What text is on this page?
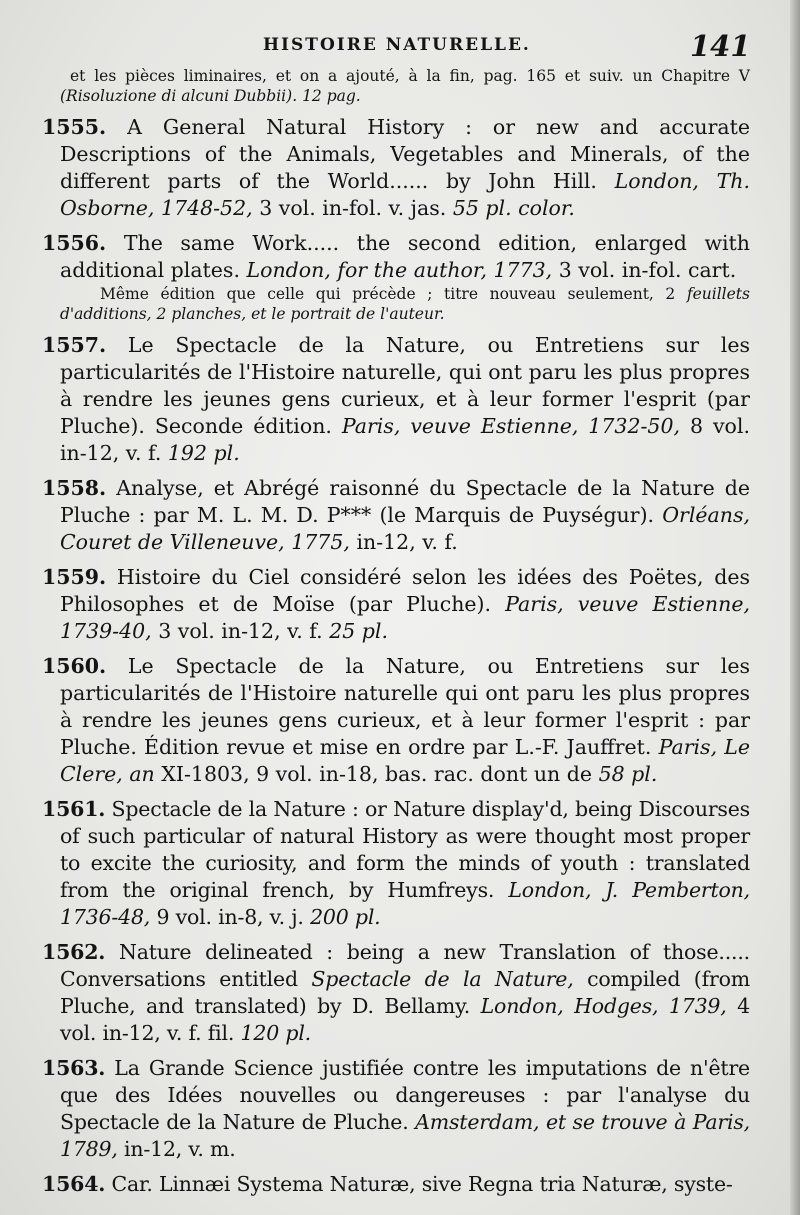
HISTOIRE NATURELLE.	141
et les pièces liminaires, et on a ajouté, à la fin, pag. 165 et suiv. un Chapitre V (Risoluzione di alcuni Dubbii). 12 pag.
1555. A General Natural History : or new and accurate Descriptions of the Animals, Vegetables and Minerals, of the different parts of the World...... by John Hill. London, Th. Osborne, 1748-52, 3 vol. in-fol. v. jas. 55 pl. color.
1556. The same Work..... the second edition, enlarged with additional plates. London, for the author, 1773, 3 vol. in-fol. cart.
Même édition que celle qui précède ; titre nouveau seulement, 2 feuillets d'additions, 2 planches, et le portrait de l'auteur.
1557. Le Spectacle de la Nature, ou Entretiens sur les particularités de l'Histoire naturelle, qui ont paru les plus propres à rendre les jeunes gens curieux, et à leur former l'esprit (par Pluche). Seconde édition. Paris, veuve Estienne, 1732-50, 8 vol. in-12, v. f. 192 pl.
1558. Analyse, et Abrégé raisonné du Spectacle de la Nature de Pluche : par M. L. M. D. P*** (le Marquis de Puységur). Orléans, Couret de Villeneuve, 1775, in-12, v. f.
1559. Histoire du Ciel considéré selon les idées des Poëtes, des Philosophes et de Moïse (par Pluche). Paris, veuve Estienne, 1739-40, 3 vol. in-12, v. f. 25 pl.
1560. Le Spectacle de la Nature, ou Entretiens sur les particularités de l'Histoire naturelle qui ont paru les plus propres à rendre les jeunes gens curieux, et à leur former l'esprit : par Pluche. Édition revue et mise en ordre par L.-F. Jauffret. Paris, Le Clere, an XI-1803, 9 vol. in-18, bas. rac. dont un de 58 pl.
1561. Spectacle de la Nature : or Nature display'd, being Discourses of such particular of natural History as were thought most proper to excite the curiosity, and form the minds of youth : translated from the original french, by Humfreys. London, J. Pemberton, 1736-48, 9 vol. in-8, v. j. 200 pl.
1562. Nature delineated : being a new Translation of those..... Conversations entitled Spectacle de la Nature, compiled (from Pluche, and translated) by D. Bellamy. London, Hodges, 1739, 4 vol. in-12, v. f. fil. 120 pl.
1563. La Grande Science justifiée contre les imputations de n'être que des Idées nouvelles ou dangereuses : par l'analyse du Spectacle de la Nature de Pluche. Amsterdam, et se trouve à Paris, 1789, in-12, v. m.
1564. Car. Linnæi Systema Naturæ, sive Regna tria Naturæ, syste-
